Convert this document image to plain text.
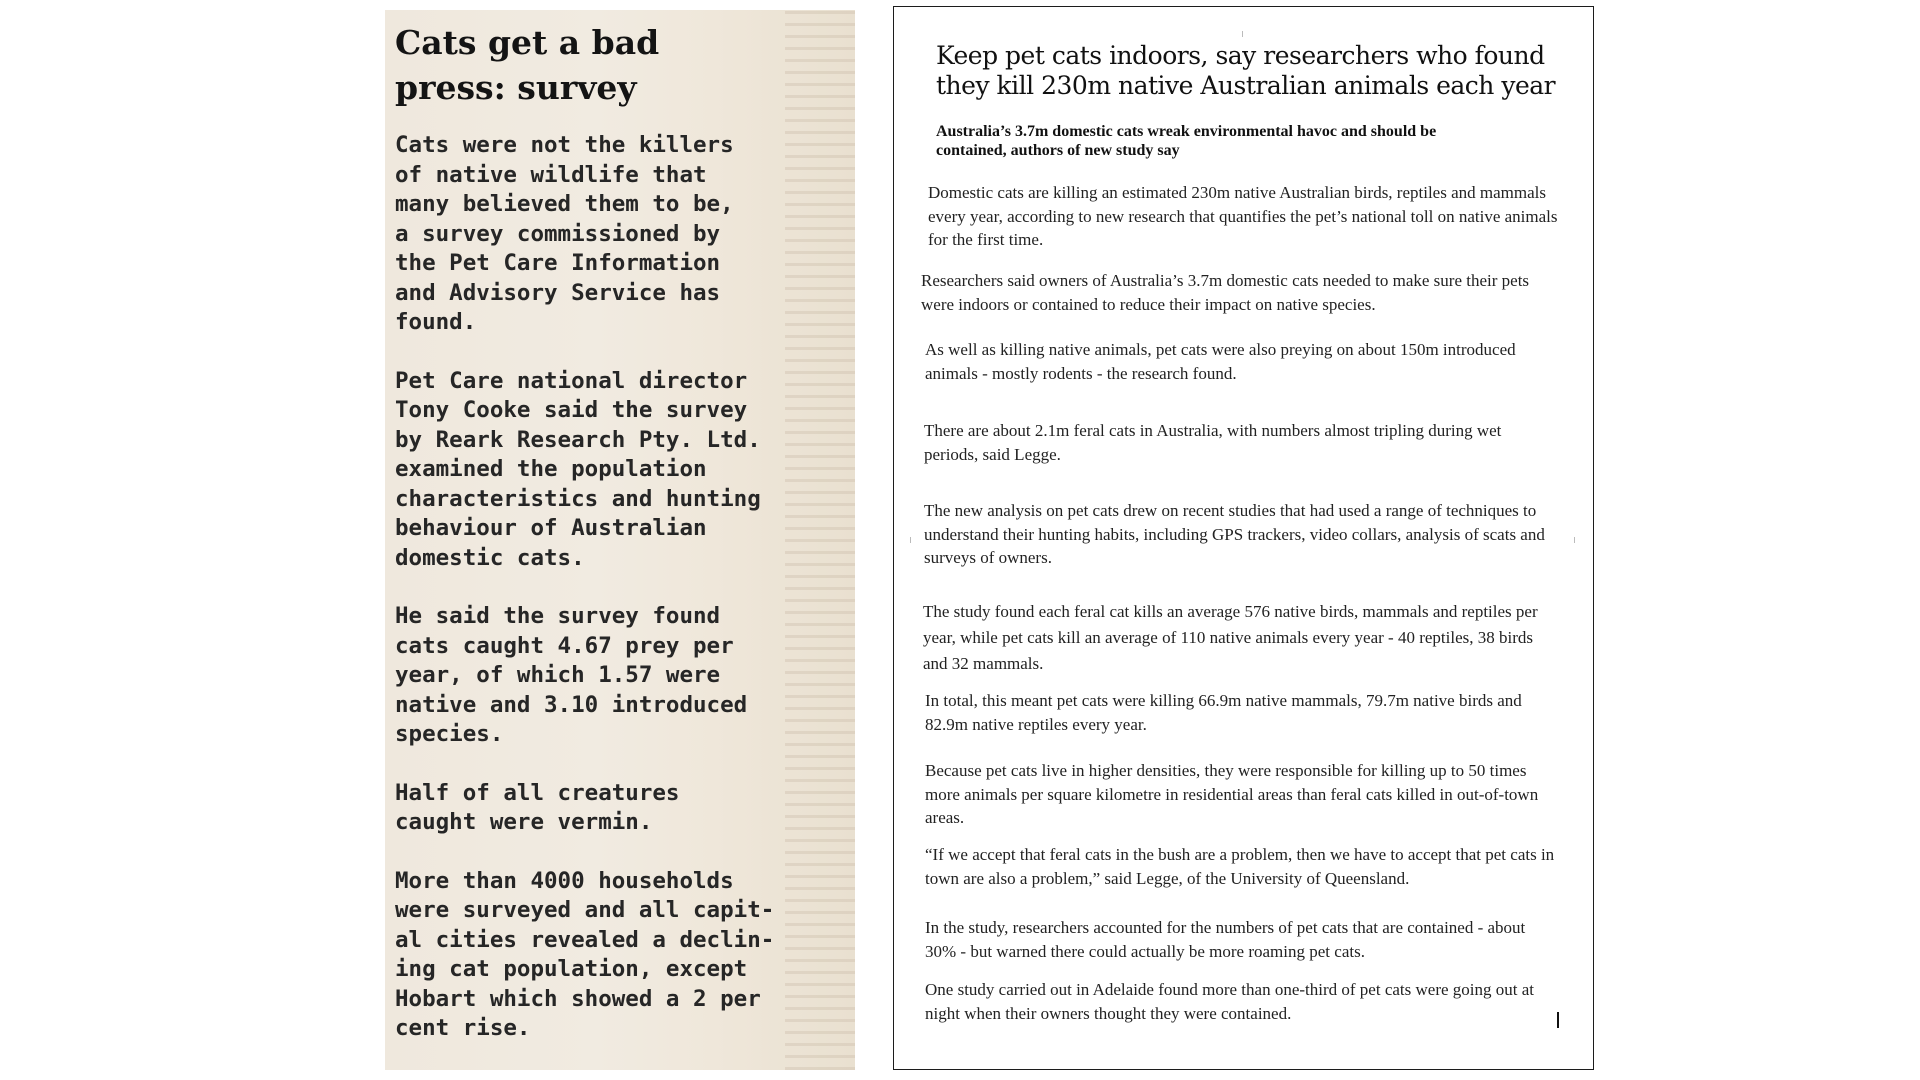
Cats get a bad press: survey
Cats were not the killers
of native wildlife that
many believed them to be,
a survey commissioned by
the Pet Care Information
and Advisory Service has
found.
Pet Care national director
Tony Cooke said the survey
by Reark Research Pty. Ltd.
examined the population
characteristics and hunting
behaviour of Australian
domestic cats.
He said the survey found
cats caught 4.67 prey per
year, of which 1.57 were
native and 3.10 introduced
species.
Half of all creatures
caught were vermin.
More than 4000 households
were surveyed and all capit-
al cities revealed a declin-
ing cat population, except
Hobart which showed a 2 per
cent rise.
Keep pet cats indoors, say researchers who found they kill 230m native Australian animals each year
Australia’s 3.7m domestic cats wreak environmental havoc and should be contained, authors of new study say
Domestic cats are killing an estimated 230m native Australian birds, reptiles and mammals every year, according to new research that quantifies the pet’s national toll on native animals for the first time.
Researchers said owners of Australia’s 3.7m domestic cats needed to make sure their pets were indoors or contained to reduce their impact on native species.
As well as killing native animals, pet cats were also preying on about 150m introduced animals - mostly rodents - the research found.
There are about 2.1m feral cats in Australia, with numbers almost tripling during wet periods, said Legge.
The new analysis on pet cats drew on recent studies that had used a range of techniques to understand their hunting habits, including GPS trackers, video collars, analysis of scats and surveys of owners.
The study found each feral cat kills an average 576 native birds, mammals and reptiles per year, while pet cats kill an average of 110 native animals every year - 40 reptiles, 38 birds and 32 mammals.
In total, this meant pet cats were killing 66.9m native mammals, 79.7m native birds and 82.9m native reptiles every year.
Because pet cats live in higher densities, they were responsible for killing up to 50 times more animals per square kilometre in residential areas than feral cats killed in out-of-town areas.
“If we accept that feral cats in the bush are a problem, then we have to accept that pet cats in town are also a problem,” said Legge, of the University of Queensland.
In the study, researchers accounted for the numbers of pet cats that are contained - about 30% - but warned there could actually be more roaming pet cats.
One study carried out in Adelaide found more than one-third of pet cats were going out at night when their owners thought they were contained.
